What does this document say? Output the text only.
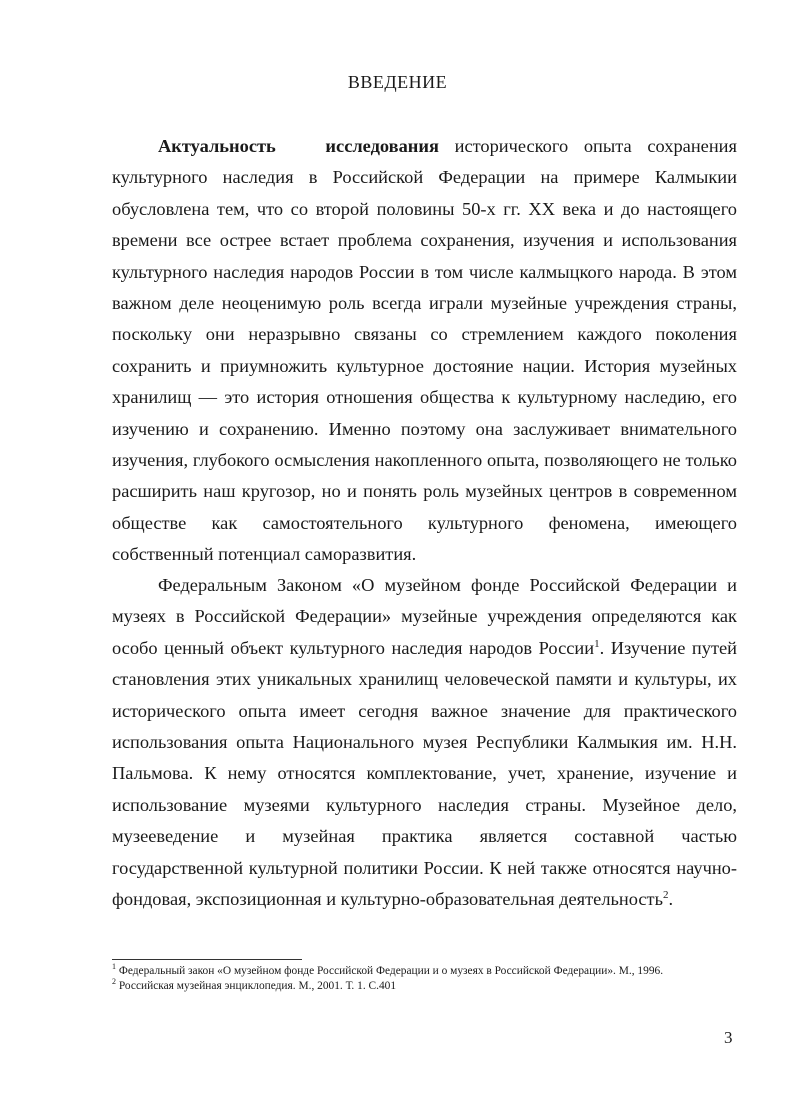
ВВЕДЕНИЕ

Актуальность исследования исторического опыта сохранения культурного наследия в Российской Федерации на примере Калмыкии обусловлена тем, что со второй половины 50-х гг. XX века и до настоящего времени все острее встает проблема сохранения, изучения и использования культурного наследия народов России в том числе калмыцкого народа. В этом важном деле неоценимую роль всегда играли музейные учреждения страны, поскольку они неразрывно связаны со стремлением каждого поколения сохранить и приумножить культурное достояние нации. История музейных хранилищ — это история отношения общества к культурному наследию, его изучению и сохранению. Именно поэтому она заслуживает внимательного изучения, глубокого осмысления накопленного опыта, позволяющего не только расширить наш кругозор, но и понять роль музейных центров в современном обществе как самостоятельного культурного феномена, имеющего собственный потенциал саморазвития.

Федеральным Законом «О музейном фонде Российской Федерации и музеях в Российской Федерации» музейные учреждения определяются как особо ценный объект культурного наследия народов России$^1$. Изучение путей становления этих уникальных хранилищ человеческой памяти и культуры, их исторического опыта имеет сегодня важное значение для практического использования опыта Национального музея Республики Калмыкия им. Н.Н. Пальмова. К нему относятся комплектование, учет, хранение, изучение и использование музеями культурного наследия страны. Музейное дело, музееведение и музейная практика является составной частью государственной культурной политики России. К ней также относятся научно-фондовая, экспозиционная и культурно-образовательная деятельность$^2$.

$^1$ Федеральный закон «О музейном фонде Российской Федерации и о музеях в Российской Федерации». М., 1996.

$^2$ Российская музейная энциклопедия. М., 2001. Т. 1. С.401

3
